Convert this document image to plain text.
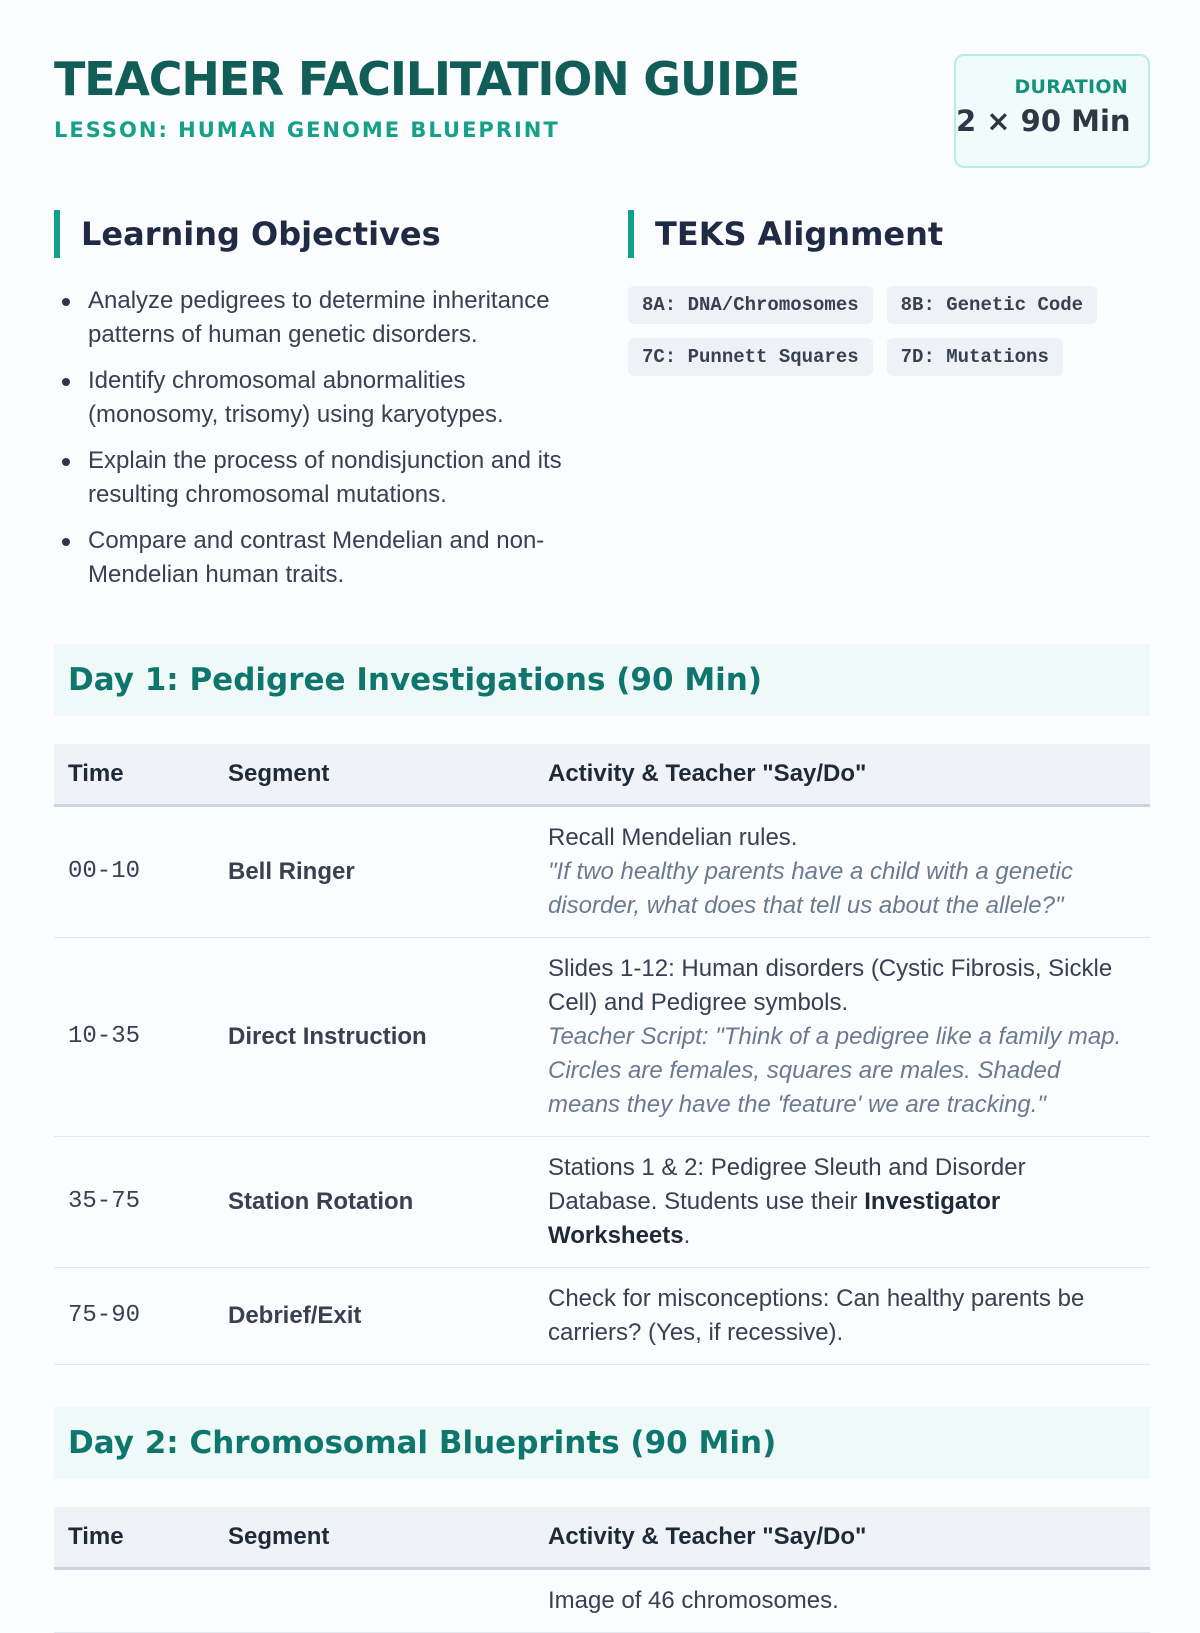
TEACHER FACILITATION GUIDE
LESSON: HUMAN GENOME BLUEPRINT
DURATION
2 × 90 Min
Learning Objectives
Analyze pedigrees to determine inheritance patterns of human genetic disorders.
Identify chromosomal abnormalities (monosomy, trisomy) using karyotypes.
Explain the process of nondisjunction and its resulting chromosomal mutations.
Compare and contrast Mendelian and non-Mendelian human traits.
TEKS Alignment
8A: DNA/Chromosomes	8B: Genetic Code
7C: Punnett Squares	7D: Mutations
Day 1: Pedigree Investigations (90 Min)
Time	Segment	Activity & Teacher "Say/Do"
00-10	Bell Ringer	Recall Mendelian rules.
"If two healthy parents have a child with a genetic disorder, what does that tell us about the allele?"

10-35	Direct Instruction	Slides 1-12: Human disorders (Cystic Fibrosis, Sickle Cell) and Pedigree symbols.
Teacher Script: "Think of a pedigree like a family map. Circles are females, squares are males. Shaded means they have the 'feature' we are tracking."

35-75	Station Rotation	Stations 1 & 2: Pedigree Sleuth and Disorder Database. Students use their Investigator Worksheets.
75-90	Debrief/Exit	Check for misconceptions: Can healthy parents be carriers? (Yes, if recessive).
Day 2: Chromosomal Blueprints (90 Min)
Time	Segment	Activity & Teacher "Say/Do"
		Image of 46 chromosomes.
